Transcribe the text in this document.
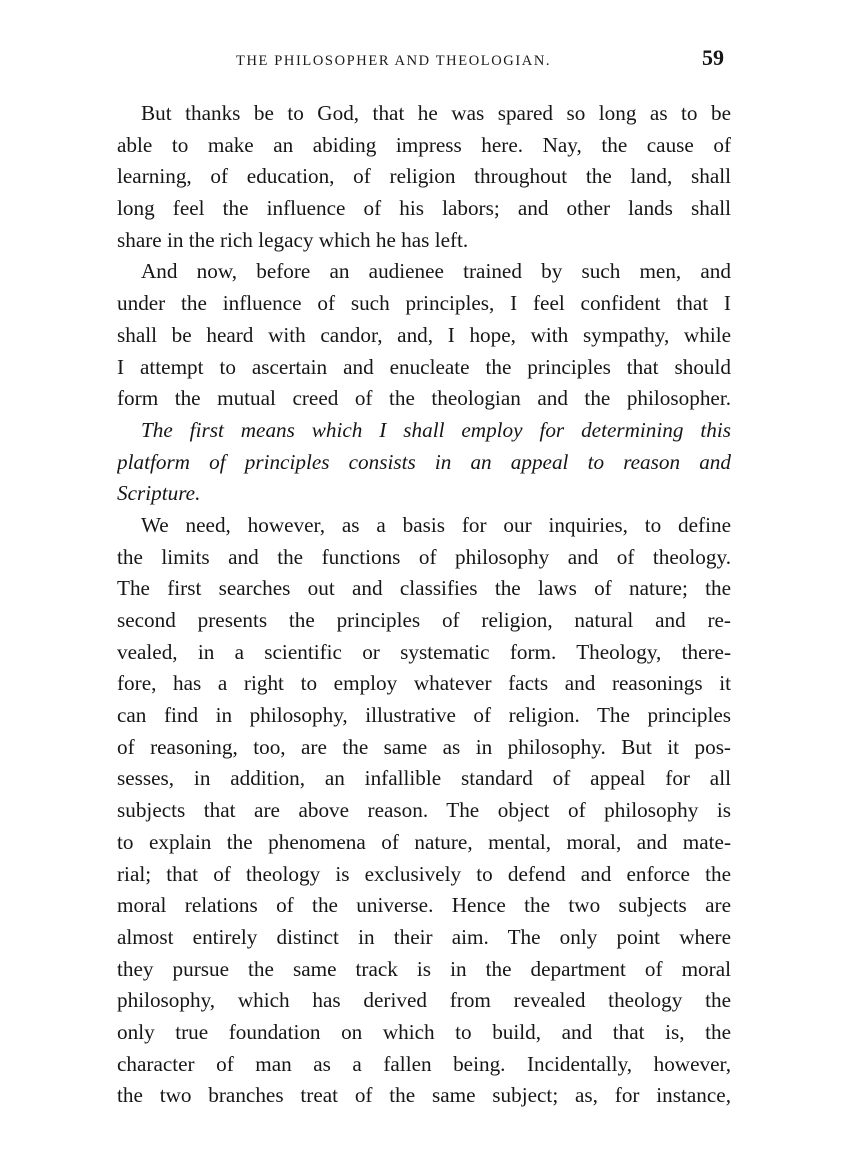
THE PHILOSOPHER AND THEOLOGIAN.	59
But thanks be to God, that he was spared so long as to be
able to make an abiding impress here. Nay, the cause of
learning, of education, of religion throughout the land, shall
long feel the influence of his labors; and other lands shall
share in the rich legacy which he has left.
And now, before an audienee trained by such men, and
under the influence of such principles, I feel confident that I
shall be heard with candor, and, I hope, with sympathy, while
I attempt to ascertain and enucleate the principles that should
form the mutual creed of the theologian and the philosopher.
The first means which I shall employ for determining this
platform of principles consists in an appeal to reason and
Scripture.
We need, however, as a basis for our inquiries, to define
the limits and the functions of philosophy and of theology.
The first searches out and classifies the laws of nature; the
second presents the principles of religion, natural and re-
vealed, in a scientific or systematic form. Theology, there-
fore, has a right to employ whatever facts and reasonings it
can find in philosophy, illustrative of religion. The principles
of reasoning, too, are the same as in philosophy. But it pos-
sesses, in addition, an infallible standard of appeal for all
subjects that are above reason. The object of philosophy is
to explain the phenomena of nature, mental, moral, and mate-
rial; that of theology is exclusively to defend and enforce the
moral relations of the universe. Hence the two subjects are
almost entirely distinct in their aim. The only point where
they pursue the same track is in the department of moral
philosophy, which has derived from revealed theology the
only true foundation on which to build, and that is, the
character of man as a fallen being. Incidentally, however,
the two branches treat of the same subject; as, for instance,
